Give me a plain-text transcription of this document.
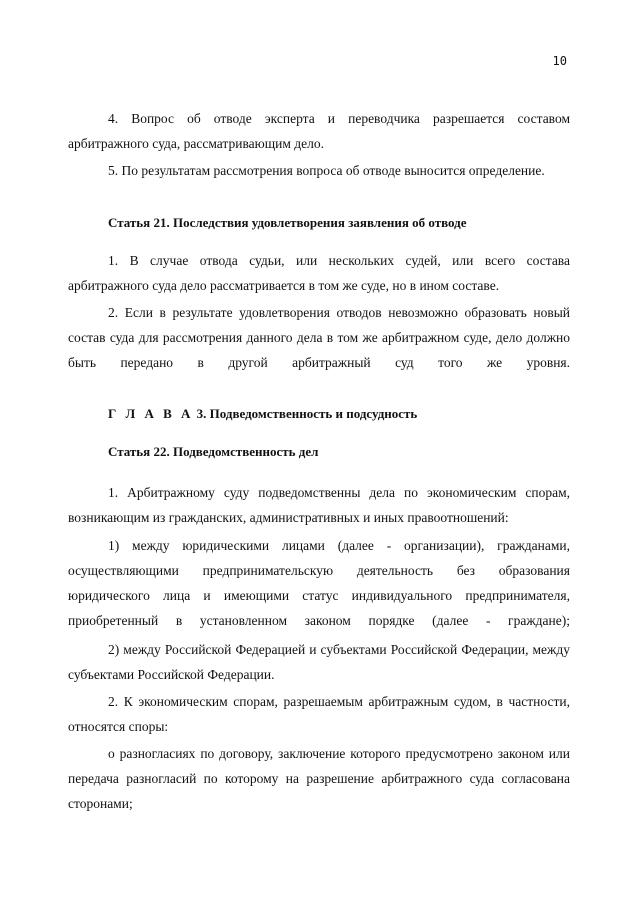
10

4. Вопрос об отводе эксперта и переводчика разрешается составом арбитражного суда, рассматривающим дело.

5. По результатам рассмотрения вопроса об отводе выносится определение.

Статья 21. Последствия удовлетворения заявления об отводе

1. В случае отвода судьи, или нескольких судей, или всего состава арбитражного суда дело рассматривается в том же суде, но в ином составе.

2. Если в результате удовлетворения отводов невозможно образовать новый состав суда для рассмотрения данного дела в том же арбитражном суде, дело должно быть передано в другой арбитражный суд того же уровня.

Г Л А В А 3. Подведомственность и подсудность

Статья 22. Подведомственность дел

1. Арбитражному суду подведомственны дела по экономическим спорам, возникающим из гражданских, административных и иных правоотношений:

1) между юридическими лицами (далее - организации), гражданами, осуществляющими предпринимательскую деятельность без образования юридического лица и имеющими статус индивидуального предпринимателя, приобретенный в установленном законом порядке (далее - граждане);

2) между Российской Федерацией и субъектами Российской Федерации, между субъектами Российской Федерации.

2. К экономическим спорам, разрешаемым арбитражным судом, в частности, относятся споры:

о разногласиях по договору, заключение которого предусмотрено законом или передача разногласий по которому на разрешение арбитражного суда согласована сторонами;
